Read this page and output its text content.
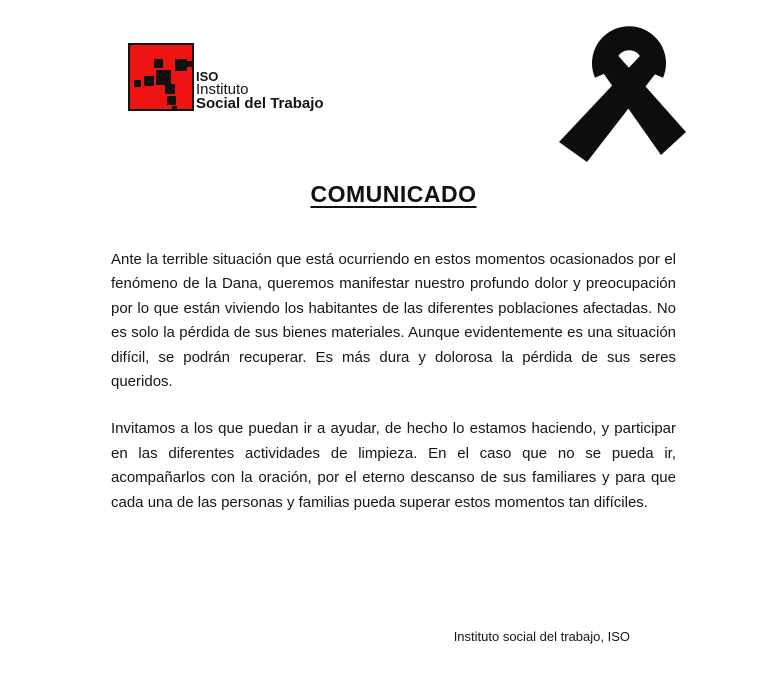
ISO
Instituto
Social del Trabajo
COMUNICADO

Ante la terrible situación que está ocurriendo en estos momentos ocasionados por el fenómeno de la Dana, queremos manifestar nuestro profundo dolor y preocupación por lo que están viviendo los habitantes de las diferentes poblaciones afectadas. No es solo la pérdida de sus bienes materiales. Aunque evidentemente es una situación difícil, se podrán recuperar. Es más dura y dolorosa la pérdida de sus seres queridos.

Invitamos a los que puedan ir a ayudar, de hecho lo estamos haciendo, y participar en las diferentes actividades de limpieza. En el caso que no se pueda ir, acompañarlos con la oración, por el eterno descanso de sus familiares y para que cada una de las personas y familias pueda superar estos momentos tan difíciles.

Instituto social del trabajo, ISO
